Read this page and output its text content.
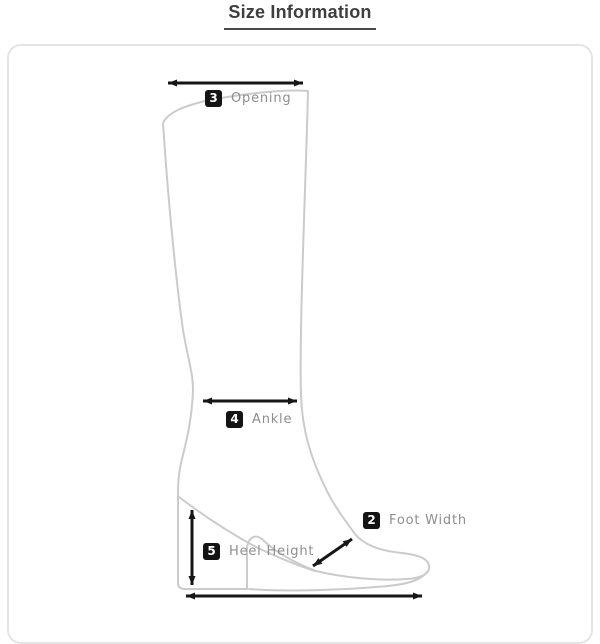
Size Information
3	Opening
4	Ankle
2	Foot Width
5	Heel Height
